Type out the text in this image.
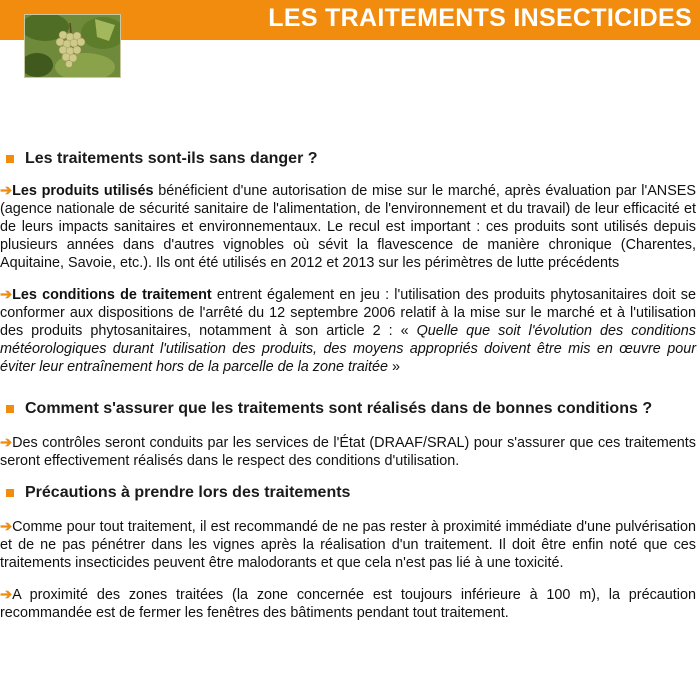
LES TRAITEMENTS INSECTICIDES
Les traitements sont-ils sans danger ?

➔Les produits utilisés bénéficient d'une autorisation de mise sur le marché, après évaluation par l'ANSES (agence nationale de sécurité sanitaire de l'alimentation, de l'environnement et du travail) de leur efficacité et de leurs impacts sanitaires et environnementaux. Le recul est important : ces produits sont utilisés depuis plusieurs années dans d'autres vignobles où sévit la flavescence de manière chronique (Charentes, Aquitaine, Savoie, etc.). Ils ont été utilisés en 2012 et 2013 sur les périmètres de lutte précédents

➔Les conditions de traitement entrent également en jeu : l'utilisation des produits phytosanitaires doit se conformer aux dispositions de l'arrêté du 12 septembre 2006 relatif à la mise sur le marché et à l'utilisation des produits phytosanitaires, notamment à son article 2 : « Quelle que soit l'évolution des conditions météorologiques durant l'utilisation des produits, des moyens appropriés doivent être mis en œuvre pour éviter leur entraînement hors de la parcelle de la zone traitée »

Comment s'assurer que les traitements sont réalisés dans de bonnes conditions ?

➔Des contrôles seront conduits par les services de l'État (DRAAF/SRAL) pour s'assurer que ces traitements seront effectivement réalisés dans le respect des conditions d'utilisation.

Précautions à prendre lors des traitements

➔Comme pour tout traitement, il est recommandé de ne pas rester à proximité immédiate d'une pulvérisation et de ne pas pénétrer dans les vignes après la réalisation d'un traitement. Il doit être enfin noté que ces traitements insecticides peuvent être malodorants et que cela n'est pas lié à une toxicité.

➔A proximité des zones traitées (la zone concernée est toujours inférieure à 100 m), la précaution recommandée est de fermer les fenêtres des bâtiments pendant tout traitement.
